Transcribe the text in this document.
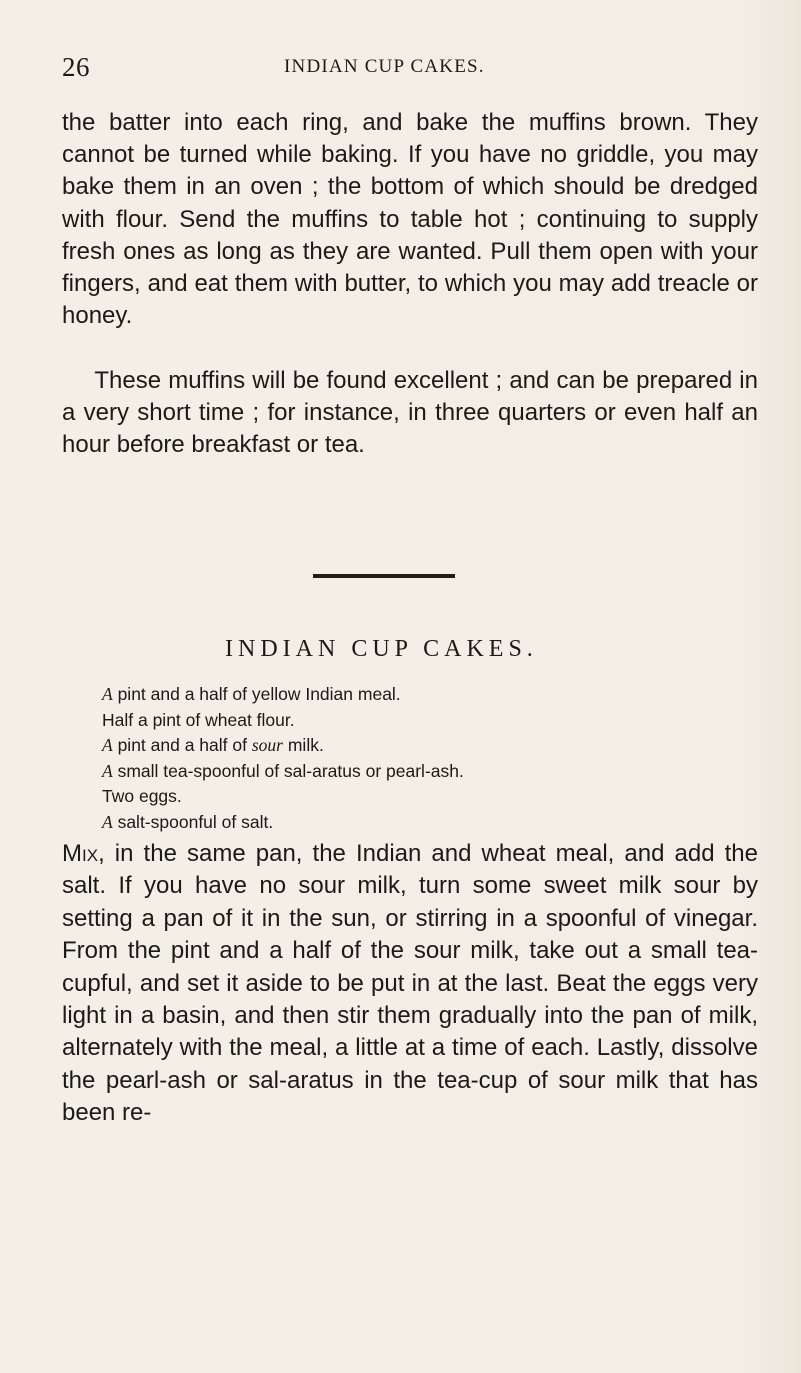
26	INDIAN CUP CAKES.

the batter into each ring, and bake the muffins brown. They cannot be turned while baking. If you have no griddle, you may bake them in an oven ; the bottom of which should be dredged with flour. Send the muffins to table hot ; continuing to supply fresh ones as long as they are wanted. Pull them open with your fingers, and eat them with butter, to which you may add treacle or honey.

These muffins will be found excellent ; and can be prepared in a very short time ; for instance, in three quarters or even half an hour before breakfast or tea.

INDIAN CUP CAKES.
A pint and a half of yellow Indian meal.
Half a pint of wheat flour.
A pint and a half of sour milk.
A small tea-spoonful of sal-aratus or pearl-ash.
Two eggs.
A salt-spoonful of salt.

Mix, in the same pan, the Indian and wheat meal, and add the salt. If you have no sour milk, turn some sweet milk sour by setting a pan of it in the sun, or stirring in a spoonful of vinegar. From the pint and a half of the sour milk, take out a small tea-cupful, and set it aside to be put in at the last. Beat the eggs very light in a basin, and then stir them gradually into the pan of milk, alternately with the meal, a little at a time of each. Lastly, dissolve the pearl-ash or sal-aratus in the tea-cup of sour milk that has been re-
